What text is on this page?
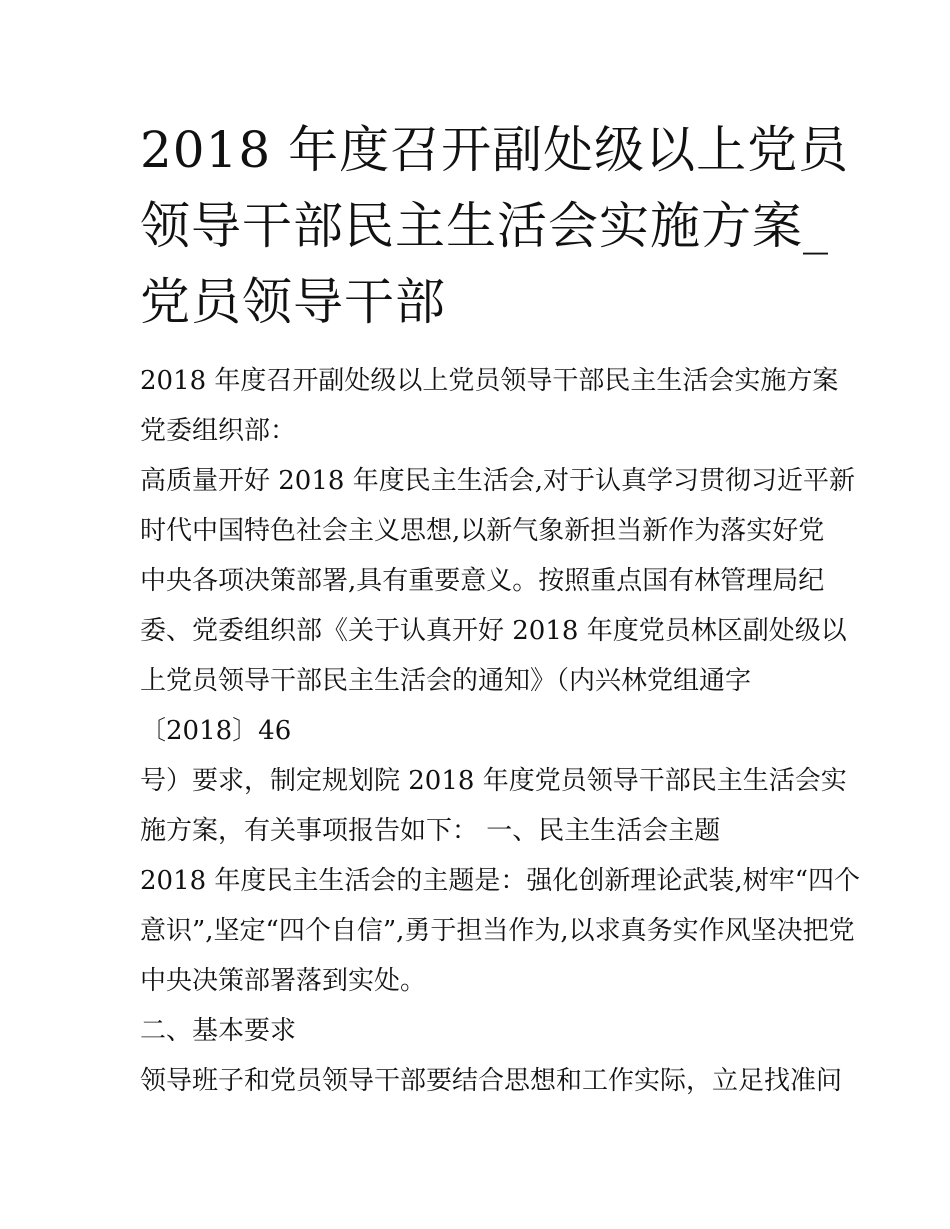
2018 年度召开副处级以上党员
领导干部民主生活会实施方案_
党员领导干部
2018 年度召开副处级以上党员领导干部民主生活会实施方案
党委组织部：
高质量开好 2018 年度民主生活会,对于认真学习贯彻习近平新
时代中国特色社会主义思想,以新气象新担当新作为落实好党
中央各项决策部署,具有重要意义。按照重点国有林管理局纪
委、党委组织部《关于认真开好 2018 年度党员林区副处级以
上党员领导干部民主生活会的通知》（内兴林党组通字
〔2018〕46
号）要求，制定规划院 2018 年度党员领导干部民主生活会实
施方案，有关事项报告如下： 一、民主生活会主题
2018 年度民主生活会的主题是：强化创新理论武装,树牢“四个
意识”,坚定“四个自信”,勇于担当作为,以求真务实作风坚决把党
中央决策部署落到实处。
二、基本要求
领导班子和党员领导干部要结合思想和工作实际，立足找准问
